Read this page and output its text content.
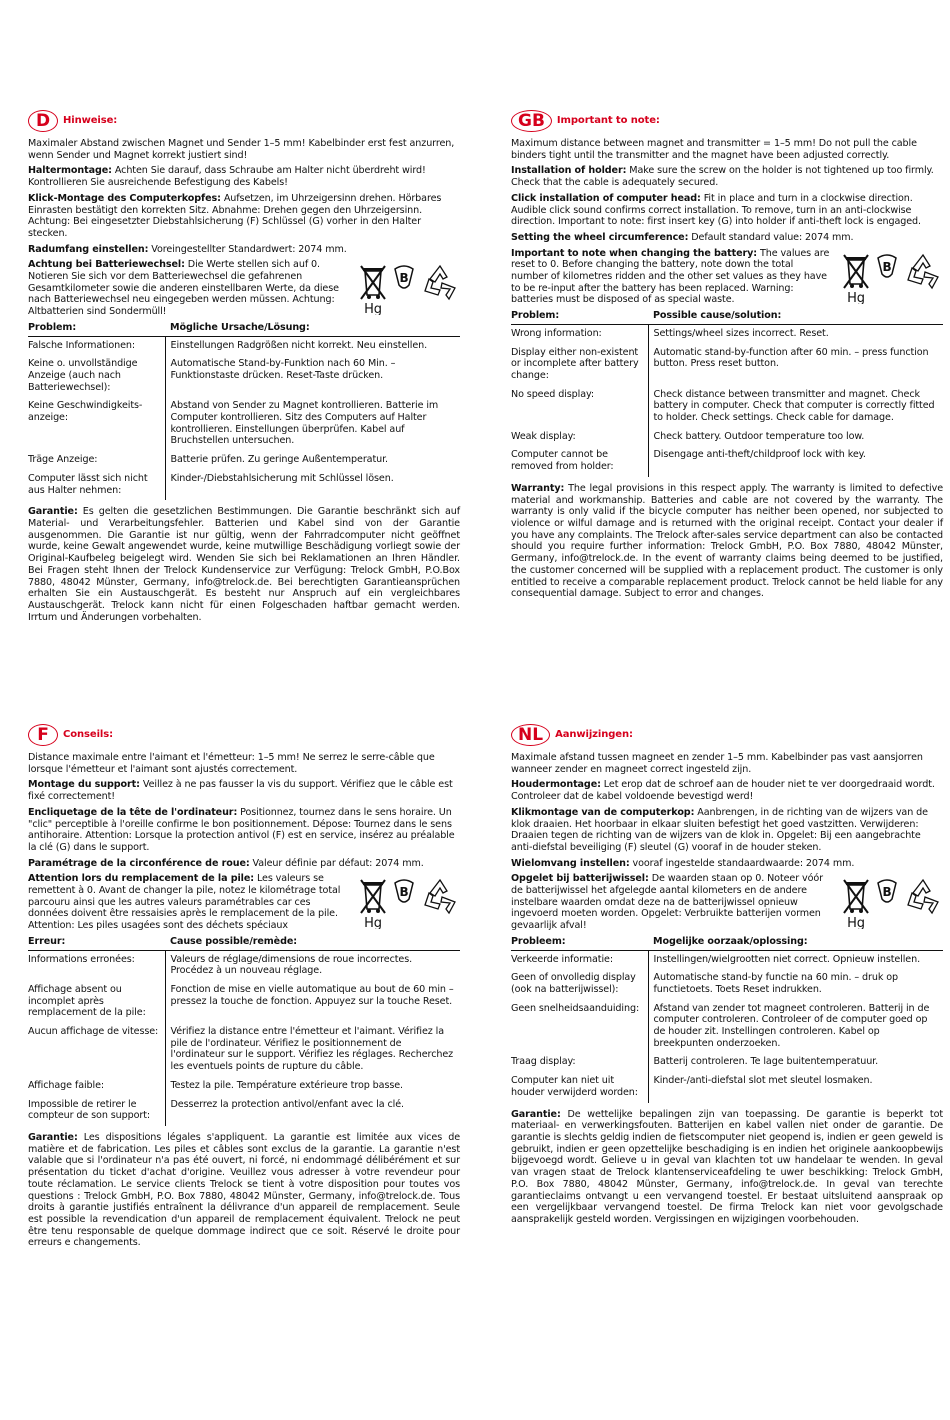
D	Hinweise:
Maximaler Abstand zwischen Magnet und Sender 1–5 mm! Kabelbinder erst fest anzurren, wenn Sender und Magnet korrekt justiert sind!
Haltermontage: Achten Sie darauf, dass Schraube am Halter nicht überdreht wird! Kontrollieren Sie ausreichende Befestigung des Kabels!
Klick-Montage des Computerkopfes: Aufsetzen, im Uhrzeigersinn drehen. Hörbares Einrasten bestätigt den korrekten Sitz. Abnahme: Drehen gegen den Uhrzeigersinn. Achtung: Bei eingesetzter Diebstahlsicherung (F) Schlüssel (G) vorher in den Halter stecken.
Radumfang einstellen: Voreingestellter Standardwert: 2074 mm.
Achtung bei Batteriewechsel: Die Werte stellen sich auf 0. Notieren Sie sich vor dem Batteriewechsel die gefahrenen Gesamtkilometer sowie die anderen einstellbaren Werte, da diese nach Batteriewechsel neu eingegeben werden müssen. Achtung: Altbatterien sind Sondermüll!	Hg
B
Problem:	Mögliche Ursache/Lösung:
Falsche Informationen:	Einstellungen Radgrößen nicht korrekt. Neu einstellen.
Keine o. unvollständige Anzeige (auch nach Batteriewechsel):	Automatische Stand-by-Funktion nach 60 Min. – Funktionstaste drücken. Reset-Taste drücken.
Keine Geschwindigkeits-anzeige:	Abstand von Sender zu Magnet kontrollieren. Batterie im Computer kontrollieren. Sitz des Computers auf Halter kontrollieren. Einstellungen überprüfen. Kabel auf Bruchstellen untersuchen.
Träge Anzeige:	Batterie prüfen. Zu geringe Außentemperatur.
Computer lässt sich nicht aus Halter nehmen:	Kinder-/Diebstahlsicherung mit Schlüssel lösen.
Garantie: Es gelten die gesetzlichen Bestimmungen. Die Garantie beschränkt sich auf Material- und Verarbeitungsfehler. Batterien und Kabel sind von der Garantie ausgenommen. Die Garantie ist nur gültig, wenn der Fahrradcomputer nicht geöffnet wurde, keine Gewalt angewendet wurde, keine mutwillige Beschädigung vorliegt sowie der Original-Kaufbeleg beigelegt wird. Wenden Sie sich bei Reklamationen an Ihren Händler. Bei Fragen steht Ihnen der Trelock Kundenservice zur Verfügung: Trelock GmbH, P.O.Box 7880, 48042 Münster, Germany, info@trelock.de. Bei berechtigten Garantieansprüchen erhalten Sie ein Austauschgerät. Es besteht nur Anspruch auf ein vergleichbares Austauschgerät. Trelock kann nicht für einen Folgeschaden haftbar gemacht werden. Irrtum und Änderungen vorbehalten.
GB	Important to note:
Maximum distance between magnet and transmitter = 1–5 mm! Do not pull the cable binders tight until the transmitter and the magnet have been adjusted correctly.
Installation of holder: Make sure the screw on the holder is not tightened up too firmly. Check that the cable is adequately secured.
Click installation of computer head: Fit in place and turn in a clockwise direction. Audible click sound confirms correct installation. To remove, turn in an anti-clockwise direction. Important to note: first insert key (G) into holder if anti-theft lock is engaged.
Setting the wheel circumference: Default standard value: 2074 mm.
Important to note when changing the battery: The values are reset to 0. Before changing the battery, note down the total number of kilometres ridden and the other set values as they have to be re-input after the battery has been replaced. Warning: batteries must be disposed of as special waste.	Hg
B
Problem:	Possible cause/solution:
Wrong information:	Settings/wheel sizes incorrect. Reset.
Display either non-existent or incomplete after battery change:	Automatic stand-by-function after 60 min. – press function button. Press reset button.
No speed display:	Check distance between transmitter and magnet. Check battery in computer. Check that computer is correctly fitted to holder. Check settings. Check cable for damage.
Weak display:	Check battery. Outdoor temperature too low.
Computer cannot be removed from holder:	Disengage anti-theft/childproof lock with key.
Warranty: The legal provisions in this respect apply. The warranty is limited to defective material and workmanship. Batteries and cable are not covered by the warranty. The warranty is only valid if the bicycle computer has neither been opened, nor subjected to violence or wilful damage and is returned with the original receipt. Contact your dealer if you have any complaints. The Trelock after-sales service department can also be contacted should you require further information: Trelock GmbH, P.O. Box 7880, 48042 Münster, Germany, info@trelock.de. In the event of warranty claims being deemed to be justified, the customer concerned will be supplied with a replacement product. The customer is only entitled to receive a comparable replacement product. Trelock cannot be held liable for any consequential damage. Subject to error and changes.
F	Conseils:
Distance maximale entre l'aimant et l'émetteur: 1–5 mm! Ne serrez le serre-câble que lorsque l'émetteur et l'aimant sont ajustés correctement.
Montage du support: Veillez à ne pas fausser la vis du support. Vérifiez que le câble est fixé correctement!
Encliquetage de la tête de l'ordinateur: Positionnez, tournez dans le sens horaire. Un "clic" perceptible à l'oreille confirme le bon positionnement. Dépose: Tournez dans le sens antihoraire. Attention: Lorsque la protection antivol (F) est en service, insérez au préalable la clé (G) dans le support.
Paramétrage de la circonférence de roue: Valeur définie par défaut: 2074 mm.
Attention lors du remplacement de la pile: Les valeurs se remettent à 0. Avant de changer la pile, notez le kilométrage total parcouru ainsi que les autres valeurs paramétrables car ces données doivent être ressaisies après le remplacement de la pile.
Attention: Les piles usagées sont des déchets spéciaux	Hg
B
Erreur:	Cause possible/remède:
Informations erronées:	Valeurs de réglage/dimensions de roue incorrectes. Procédez à un nouveau réglage.
Affichage absent ou incomplet après remplacement de la pile:	Fonction de mise en vielle automatique au bout de 60 min – pressez la touche de fonction. Appuyez sur la touche Reset.
Aucun affichage de vitesse:	Vérifiez la distance entre l'émetteur et l'aimant. Vérifiez la pile de l'ordinateur. Vérifiez le positionnement de l'ordinateur sur le support. Vérifiez les réglages. Recherchez les eventuels points de rupture du câble.
Affichage faible:	Testez la pile. Température extérieure trop basse.
Impossible de retirer le compteur de son support:	Desserrez la protection antivol/enfant avec la clé.
Garantie: Les dispositions légales s'appliquent. La garantie est limitée aux vices de matière et de fabrication. Les piles et câbles sont exclus de la garantie. La garantie n'est valable que si l'ordinateur n'a pas été ouvert, ni forcé, ni endommagé délibérément et sur présentation du ticket d'achat d'origine. Veuillez vous adresser à votre revendeur pour toute réclamation. Le service clients Trelock se tient à votre disposition pour toutes vos questions : Trelock GmbH, P.O. Box 7880, 48042 Münster, Germany, info@trelock.de. Tous droits à garantie justifiés entraînent la délivrance d'un appareil de remplacement. Seule est possible la revendication d'un appareil de remplacement équivalent. Trelock ne peut être tenu responsable de quelque dommage indirect que ce soit. Réservé le droite pour erreurs e changements.
NL	Aanwijzingen:
Maximale afstand tussen magneet en zender 1–5 mm. Kabelbinder pas vast aansjorren wanneer zender en magneet correct ingesteld zijn.
Houdermontage: Let erop dat de schroef aan de houder niet te ver doorgedraaid wordt. Controleer dat de kabel voldoende bevestigd werd!
Klikmontage van de computerkop: Aanbrengen, in de richting van de wijzers van de klok draaien. Het hoorbaar in elkaar sluiten befestigt het goed vastzitten. Verwijderen: Draaien tegen de richting van de wijzers van de klok in. Opgelet: Bij een aangebrachte anti-diefstal beveiliging (F) sleutel (G) vooraf in de houder steken.
Wielomvang instellen: vooraf ingestelde standaardwaarde: 2074 mm.
Opgelet bij batterijwissel: De waarden staan op 0. Noteer vóór de batterijwissel het afgelegde aantal kilometers en de andere instelbare waarden omdat deze na de batterijwissel opnieuw ingevoerd moeten worden. Opgelet: Verbruikte batterijen vormen gevaarlijk afval!	Hg
B
Probleem:	Mogelijke oorzaak/oplossing:
Verkeerde informatie:	Instellingen/wielgrootten niet correct. Opnieuw instellen.
Geen of onvolledig display (ook na batterijwissel):	Automatische stand-by functie na 60 min. – druk op functietoets. Toets Reset indrukken.
Geen snelheidsaanduiding:	Afstand van zender tot magneet controleren. Batterij in de computer controleren. Controleer of de computer goed op de houder zit. Instellingen controleren. Kabel op breekpunten onderzoeken.
Traag display:	Batterij controleren. Te lage buitentemperatuur.
Computer kan niet uit houder verwijderd worden:	Kinder-/anti-diefstal slot met sleutel losmaken.
Garantie: De wettelijke bepalingen zijn van toepassing. De garantie is beperkt tot materiaal- en verwerkingsfouten. Batterijen en kabel vallen niet onder de garantie. De garantie is slechts geldig indien de fietscomputer niet geopend is, indien er geen geweld is gebruikt, indien er geen opzettelijke beschadiging is en indien het originele aankoopbewijs bijgevoegd wordt. Gelieve u in geval van klachten tot uw handelaar te wenden. In geval van vragen staat de Trelock klantenserviceafdeling te uwer beschikking: Trelock GmbH, P.O. Box 7880, 48042 Münster, Germany, info@trelock.de. In geval van terechte garantieclaims ontvangt u een vervangend toestel. Er bestaat uitsluitend aanspraak op een vergelijkbaar vervangend toestel. De firma Trelock kan niet voor gevolgschade aansprakelijk gesteld worden. Vergissingen en wijzigingen voorbehouden.
